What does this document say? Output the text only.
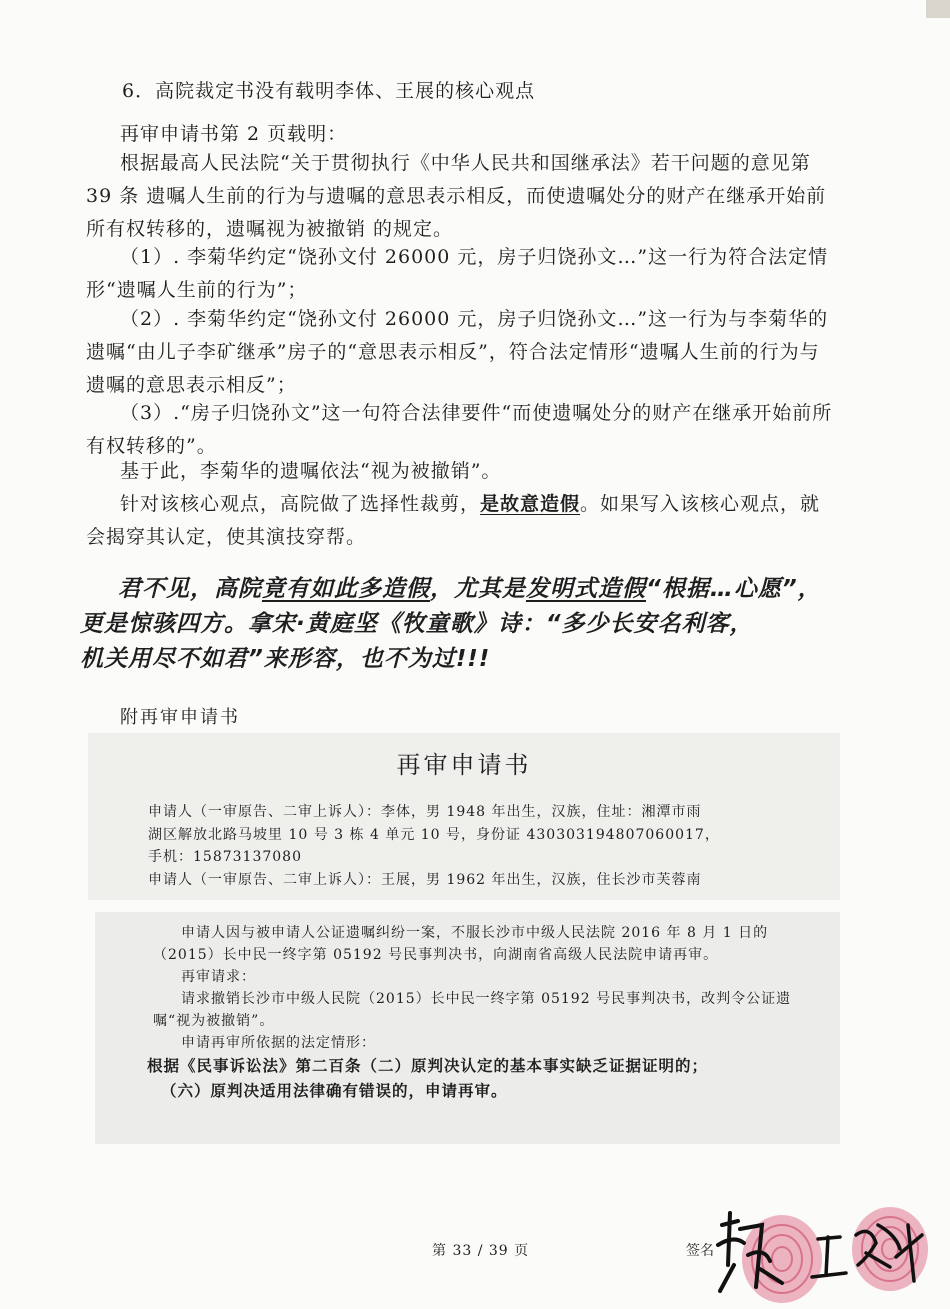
6．高院裁定书没有载明李体、王展的核心观点

再审申请书第 2 页载明：

根据最高人民法院“关于贯彻执行《中华人民共和国继承法》若干问题的意见第 39 条 遗嘱人生前的行为与遗嘱的意思表示相反，而使遗嘱处分的财产在继承开始前所有权转移的，遗嘱视为被撤销 的规定。

（1）. 李菊华约定“饶孙文付 26000 元，房子归饶孙文…”这一行为符合法定情形“遗嘱人生前的行为”；

（2）. 李菊华约定“饶孙文付 26000 元，房子归饶孙文…”这一行为与李菊华的遗嘱“由儿子李矿继承”房子的“意思表示相反”，符合法定情形“遗嘱人生前的行为与遗嘱的意思表示相反”；

（3）.“房子归饶孙文”这一句符合法律要件“而使遗嘱处分的财产在继承开始前所有权转移的”。

基于此，李菊华的遗嘱依法“视为被撤销”。

针对该核心观点，高院做了选择性裁剪，是故意造假。如果写入该核心观点，就会揭穿其认定，使其演技穿帮。

君不见，高院竟有如此多造假，尤其是发明式造假“根据…心愿”，
更是惊骇四方。拿宋·黄庭坚《牧童歌》诗：“多少长安名利客，
机关用尽不如君”来形容，也不为过!!!

附再审申请书
再审申请书
申请人（一审原告、二审上诉人）：李体，男 1948 年出生，汉族，住址：湘潭市雨
湖区解放北路马坡里 10 号 3 栋 4 单元 10 号，身份证 430303194807060017，
手机：15873137080
申请人（一审原告、二审上诉人）：王展，男 1962 年出生，汉族，住长沙市芙蓉南

申请人因与被申请人公证遗嘱纠纷一案，不服长沙市中级人民法院 2016 年 8 月 1 日的（2015）长中民一终字第 05192 号民事判决书，向湖南省高级人民法院申请再审。

再审请求：

请求撤销长沙市中级人民院（2015）长中民一终字第 05192 号民事判决书，改判令公证遗嘱“视为被撤销”。

申请再审所依据的法定情形：

根据《民事诉讼法》第二百条（二）原判决认定的基本事实缺乏证据证明的；

（六）原判决适用法律确有错误的，申请再审。

第 33 / 39 页	签名
